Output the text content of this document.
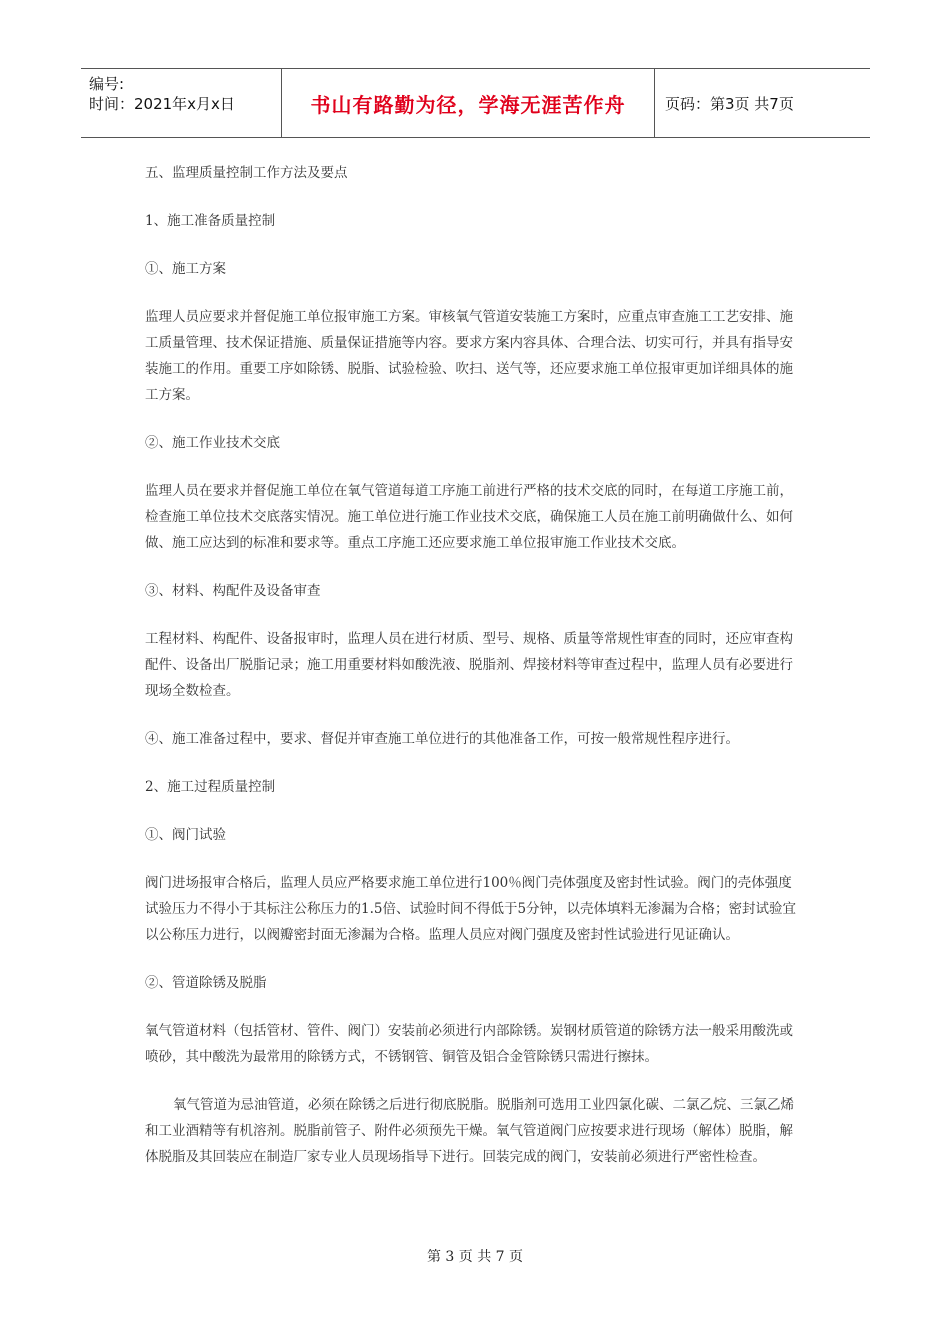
编号:
时间：2021年x月x日	书山有路勤为径，学海无涯苦作舟	页码：第3页 共7页

五、监理质量控制工作方法及要点

1、施工准备质量控制

①、施工方案

监理人员应要求并督促施工单位报审施工方案。审核氧气管道安装施工方案时，应重点审查施工工艺安排、施工质量管理、技术保证措施、质量保证措施等内容。要求方案内容具体、合理合法、切实可行，并具有指导安装施工的作用。重要工序如除锈、脱脂、试验检验、吹扫、送气等，还应要求施工单位报审更加详细具体的施工方案。

②、施工作业技术交底

监理人员在要求并督促施工单位在氧气管道每道工序施工前进行严格的技术交底的同时，在每道工序施工前，检查施工单位技术交底落实情况。施工单位进行施工作业技术交底，确保施工人员在施工前明确做什么、如何做、施工应达到的标准和要求等。重点工序施工还应要求施工单位报审施工作业技术交底。

③、材料、构配件及设备审查

工程材料、构配件、设备报审时，监理人员在进行材质、型号、规格、质量等常规性审查的同时，还应审查构配件、设备出厂脱脂记录；施工用重要材料如酸洗液、脱脂剂、焊接材料等审查过程中，监理人员有必要进行现场全数检查。

④、施工准备过程中，要求、督促并审查施工单位进行的其他准备工作，可按一般常规性程序进行。

2、施工过程质量控制

①、阀门试验

阀门进场报审合格后，监理人员应严格要求施工单位进行100％阀门壳体强度及密封性试验。阀门的壳体强度试验压力不得小于其标注公称压力的1.5倍、试验时间不得低于5分钟，以壳体填料无渗漏为合格；密封试验宜以公称压力进行，以阀瓣密封面无渗漏为合格。监理人员应对阀门强度及密封性试验进行见证确认。

②、管道除锈及脱脂

氧气管道材料（包括管材、管件、阀门）安装前必须进行内部除锈。炭钢材质管道的除锈方法一般采用酸洗或喷砂，其中酸洗为最常用的除锈方式，不锈钢管、铜管及铝合金管除锈只需进行擦抹。

氧气管道为忌油管道，必须在除锈之后进行彻底脱脂。脱脂剂可选用工业四氯化碳、二氯乙烷、三氯乙烯和工业酒精等有机溶剂。脱脂前管子、附件必须预先干燥。氧气管道阀门应按要求进行现场（解体）脱脂，解体脱脂及其回装应在制造厂家专业人员现场指导下进行。回装完成的阀门，安装前必须进行严密性检查。

第 3 页 共 7 页
